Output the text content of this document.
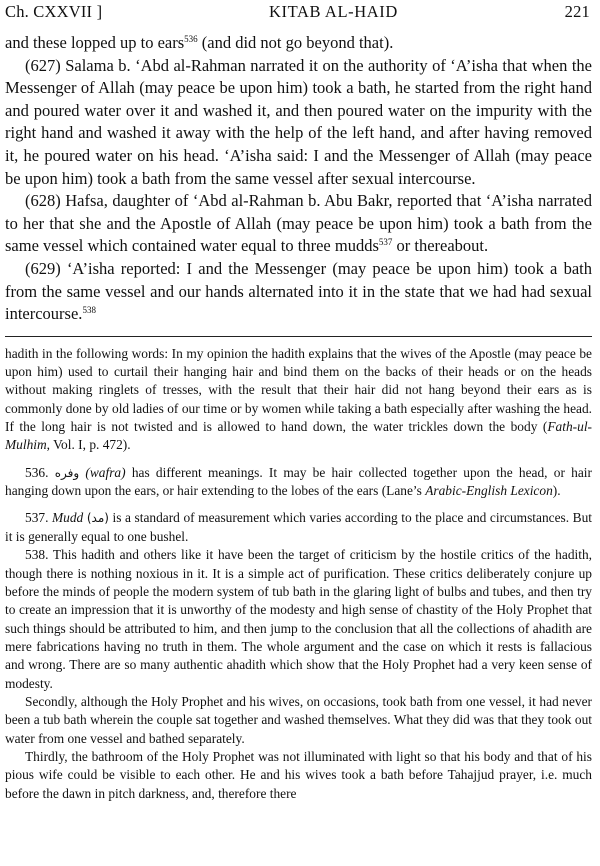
Ch. CXXVII ]	KITAB AL-HAID	221

and these lopped up to ears$^{536}$ (and did not go beyond that).

(627) Salama b. ‘Abd al-Rahman narrated it on the authority of ‘A’isha that when the Messenger of Allah (may peace be upon him) took a bath, he started from the right hand and poured water over it and washed it, and then poured water on the impurity with the right hand and washed it away with the help of the left hand, and after having removed it, he poured water on his head. ‘A’isha said: I and the Messenger of Allah (may peace be upon him) took a bath from the same vessel after sexual intercourse.

(628) Hafsa, daughter of ‘Abd al-Rahman b. Abu Bakr, reported that ‘A’isha narrated to her that she and the Apostle of Allah (may peace be upon him) took a bath from the same vessel which contained water equal to three mudds$^{537}$ or thereabout.

(629) ‘A’isha reported: I and the Messenger (may peace be upon him) took a bath from the same vessel and our hands alternated into it in the state that we had had sexual intercourse.$^{538}$

hadith in the following words: In my opinion the hadith explains that the wives of the Apostle (may peace be upon him) used to curtail their hanging hair and bind them on the backs of their heads or on the heads without making ringlets of tresses, with the result that their hair did not hang beyond their ears as is commonly done by old ladies of our time or by women while taking a bath especially after washing the head. If the long hair is not twisted and is allowed to hand down, the water trickles down the body (Fath-ul-Mulhim, Vol. I, p. 472).

536. وفره (wafra) has different meanings. It may be hair collected together upon the head, or hair hanging down upon the ears, or hair extending to the lobes of the ears (Lane’s Arabic-English Lexicon).

537. Mudd (مد) is a standard of measurement which varies according to the place and circumstances. But it is generally equal to one bushel.

538. This hadith and others like it have been the target of criticism by the hostile critics of the hadith, though there is nothing noxious in it. It is a simple act of purification. These critics deliberately conjure up before the minds of people the modern system of tub bath in the glaring light of bulbs and tubes, and then try to create an impression that it is unworthy of the modesty and high sense of chastity of the Holy Prophet that such things should be attributed to him, and then jump to the conclusion that all the collections of ahadith are mere fabrications having no truth in them. The whole argument and the case on which it rests is fallacious and wrong. There are so many authentic ahadith which show that the Holy Prophet had a very keen sense of modesty.

Secondly, although the Holy Prophet and his wives, on occasions, took bath from one vessel, it had never been a tub bath wherein the couple sat together and washed themselves. What they did was that they took out water from one vessel and bathed separately.

Thirdly, the bathroom of the Holy Prophet was not illuminated with light so that his body and that of his pious wife could be visible to each other. He and his wives took a bath before Tahajjud prayer, i.e. much before the dawn in pitch darkness, and, therefore there
